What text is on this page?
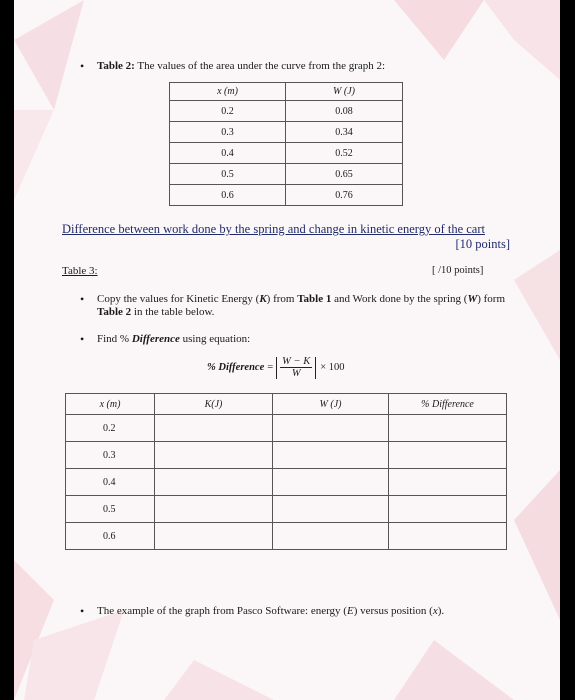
• Table 2: The values of the area under the curve from the graph 2:
x (m)	W (J)
0.2	0.08
0.3	0.34
0.4	0.52
0.5	0.65
0.6	0.76
Difference between work done by the spring and change in kinetic energy of the cart
[10 points]
Table 3:	[ /10 points]
• Copy the values for Kinetic Energy (K) from Table 1 and Work done by the spring (W) form Table 2 in the table below.
• Find % Difference using equation:
% Difference = $\frac{W - K}{W} \times 100$
x (m)	K(J)	W (J)	% Difference
0.2			
0.3			
0.4			
0.5			
0.6			
• The example of the graph from Pasco Software: energy (E) versus position (x).
